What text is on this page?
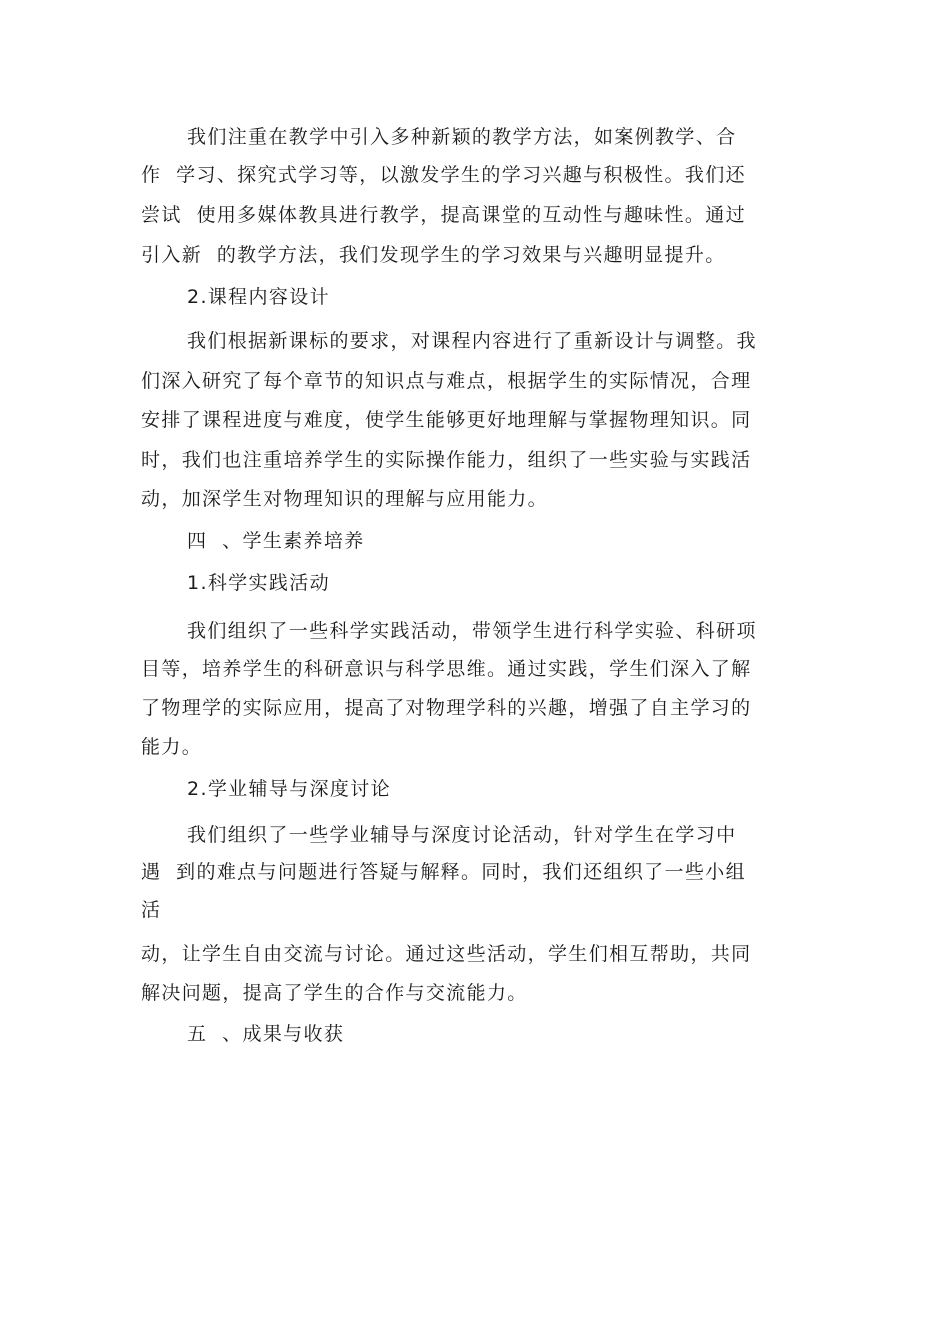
我们注重在教学中引入多种新颖的教学方法，如案例教学、合
作  学习、探究式学习等，以激发学生的学习兴趣与积极性。我们还
尝试  使用多媒体教具进行教学，提高课堂的互动性与趣味性。通过
引入新  的教学方法，我们发现学生的学习效果与兴趣明显提升。
2.课程内容设计
我们根据新课标的要求，对课程内容进行了重新设计与调整。我
们深入研究了每个章节的知识点与难点，根据学生的实际情况，合理
安排了课程进度与难度，使学生能够更好地理解与掌握物理知识。同
时，我们也注重培养学生的实际操作能力，组织了一些实验与实践活
动，加深学生对物理知识的理解与应用能力。
四  、学生素养培养
1.科学实践活动
我们组织了一些科学实践活动，带领学生进行科学实验、科研项
目等，培养学生的科研意识与科学思维。通过实践，学生们深入了解
了物理学的实际应用，提高了对物理学科的兴趣，增强了自主学习的
能力。
2.学业辅导与深度讨论
我们组织了一些学业辅导与深度讨论活动，针对学生在学习中
遇  到的难点与问题进行答疑与解释。同时，我们还组织了一些小组
活
动，让学生自由交流与讨论。通过这些活动，学生们相互帮助，共同
解决问题，提高了学生的合作与交流能力。
五  、成果与收获
